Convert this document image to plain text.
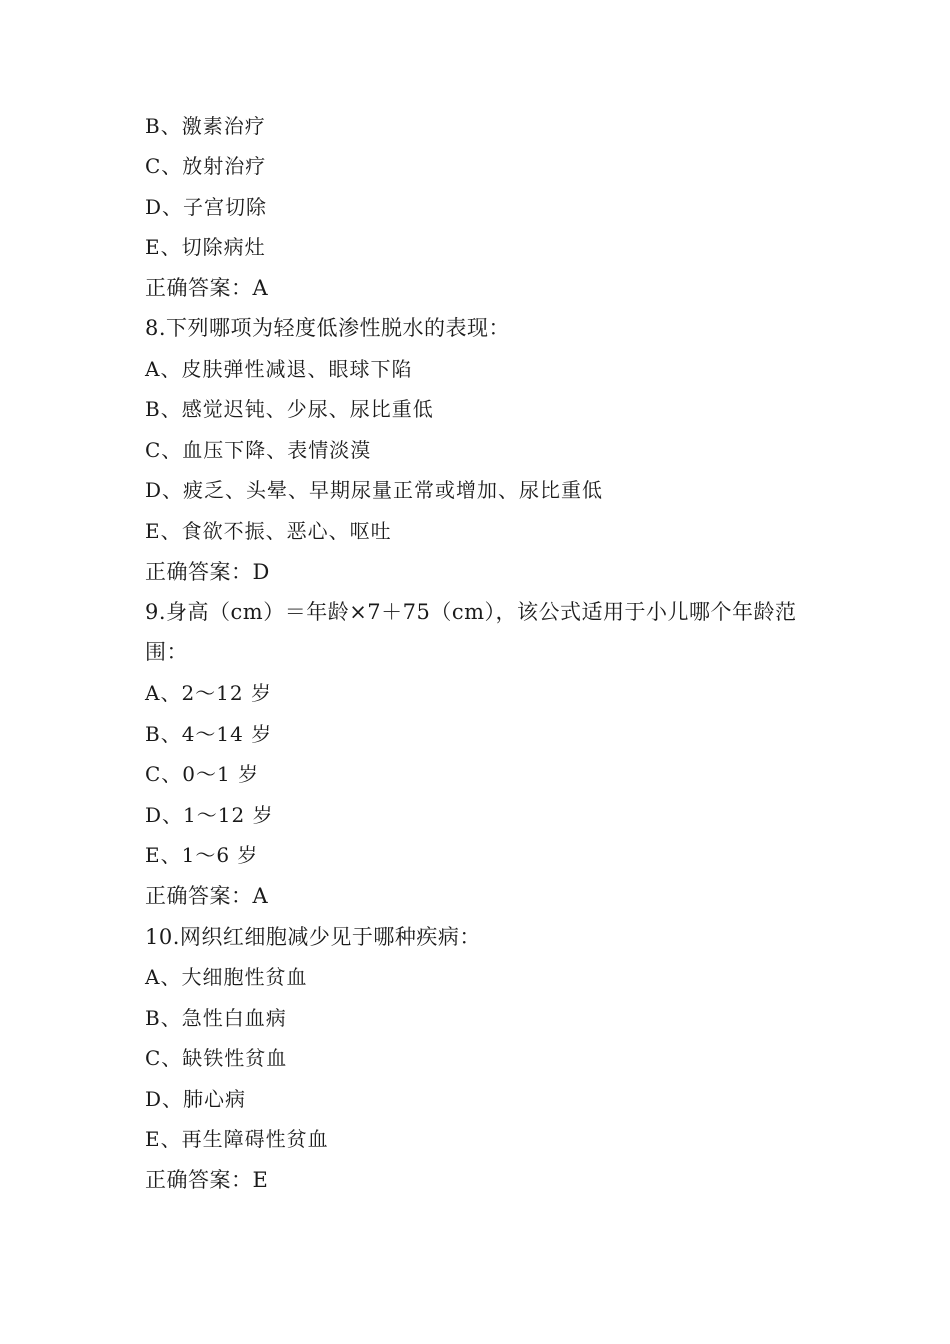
B、激素治疗
C、放射治疗
D、子宫切除
E、切除病灶
正确答案：A
8.下列哪项为轻度低渗性脱水的表现：
A、皮肤弹性减退、眼球下陷
B、感觉迟钝、少尿、尿比重低
C、血压下降、表情淡漠
D、疲乏、头晕、早期尿量正常或增加、尿比重低
E、食欲不振、恶心、呕吐
正确答案：D
9.身高（cm）＝年龄×7＋75（cm），该公式适用于小儿哪个年龄范
围：
A、2～12 岁
B、4～14 岁
C、0～1 岁
D、1～12 岁
E、1～6 岁
正确答案：A
10.网织红细胞减少见于哪种疾病：
A、大细胞性贫血
B、急性白血病
C、缺铁性贫血
D、肺心病
E、再生障碍性贫血
正确答案：E
